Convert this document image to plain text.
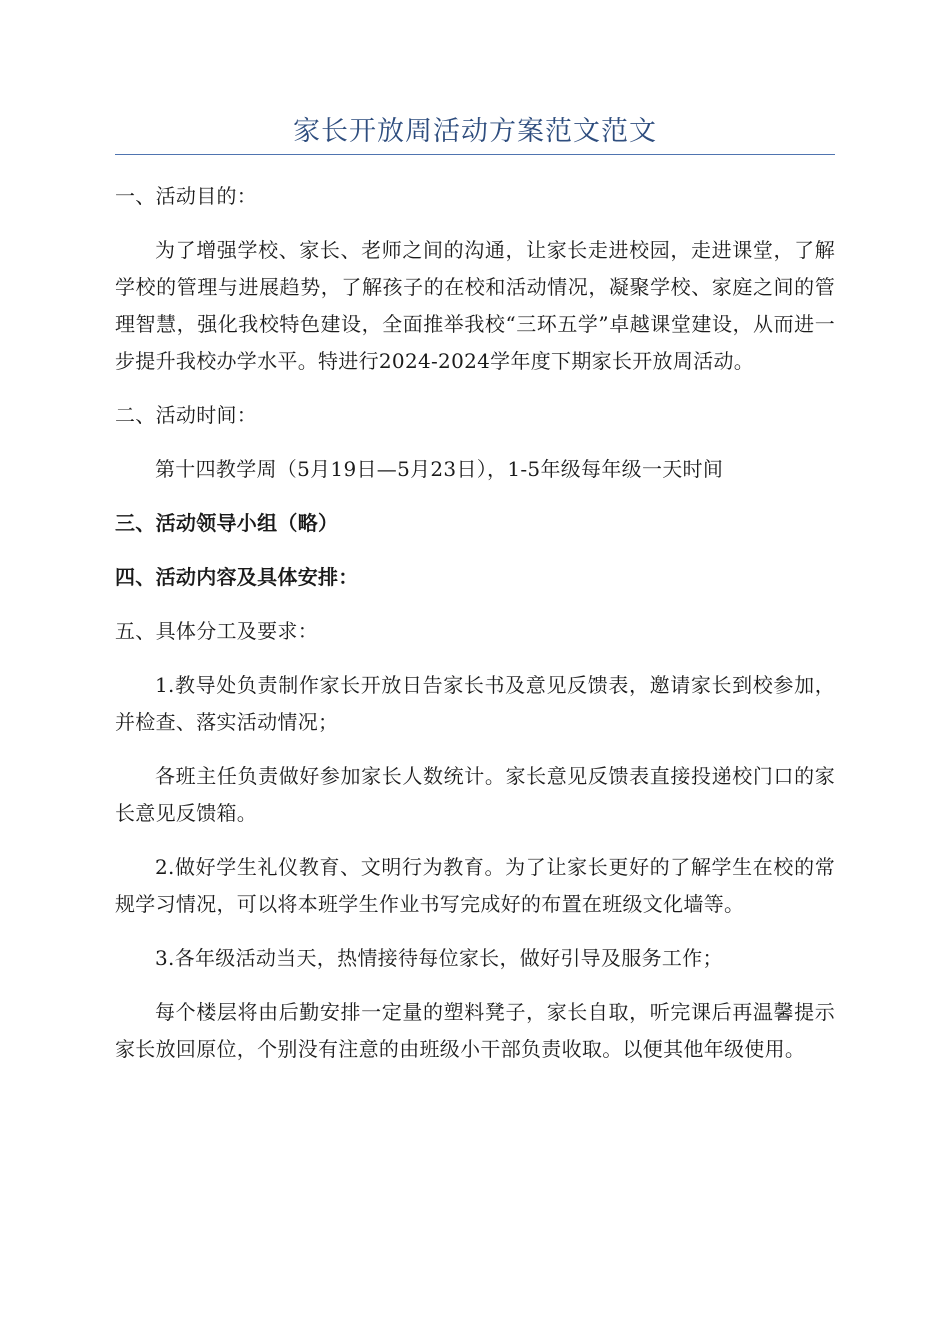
家长开放周活动方案范文范文

一、活动目的：

为了增强学校、家长、老师之间的沟通，让家长走进校园，走进课堂，了解学校的管理与进展趋势，了解孩子的在校和活动情况，凝聚学校、家庭之间的管理智慧，强化我校特色建设，全面推举我校“三环五学”卓越课堂建设，从而进一步提升我校办学水平。特进行2024-2024学年度下期家长开放周活动。

二、活动时间：

第十四教学周（5月19日—5月23日），1-5年级每年级一天时间

三、活动领导小组（略）

四、活动内容及具体安排：

五、具体分工及要求：

1.教导处负责制作家长开放日告家长书及意见反馈表，邀请家长到校参加，并检查、落实活动情况；

各班主任负责做好参加家长人数统计。家长意见反馈表直接投递校门口的家长意见反馈箱。

2.做好学生礼仪教育、文明行为教育。为了让家长更好的了解学生在校的常规学习情况，可以将本班学生作业书写完成好的布置在班级文化墙等。

3.各年级活动当天，热情接待每位家长，做好引导及服务工作；

每个楼层将由后勤安排一定量的塑料凳子，家长自取，听完课后再温馨提示家长放回原位，个别没有注意的由班级小干部负责收取。以便其他年级使用。
